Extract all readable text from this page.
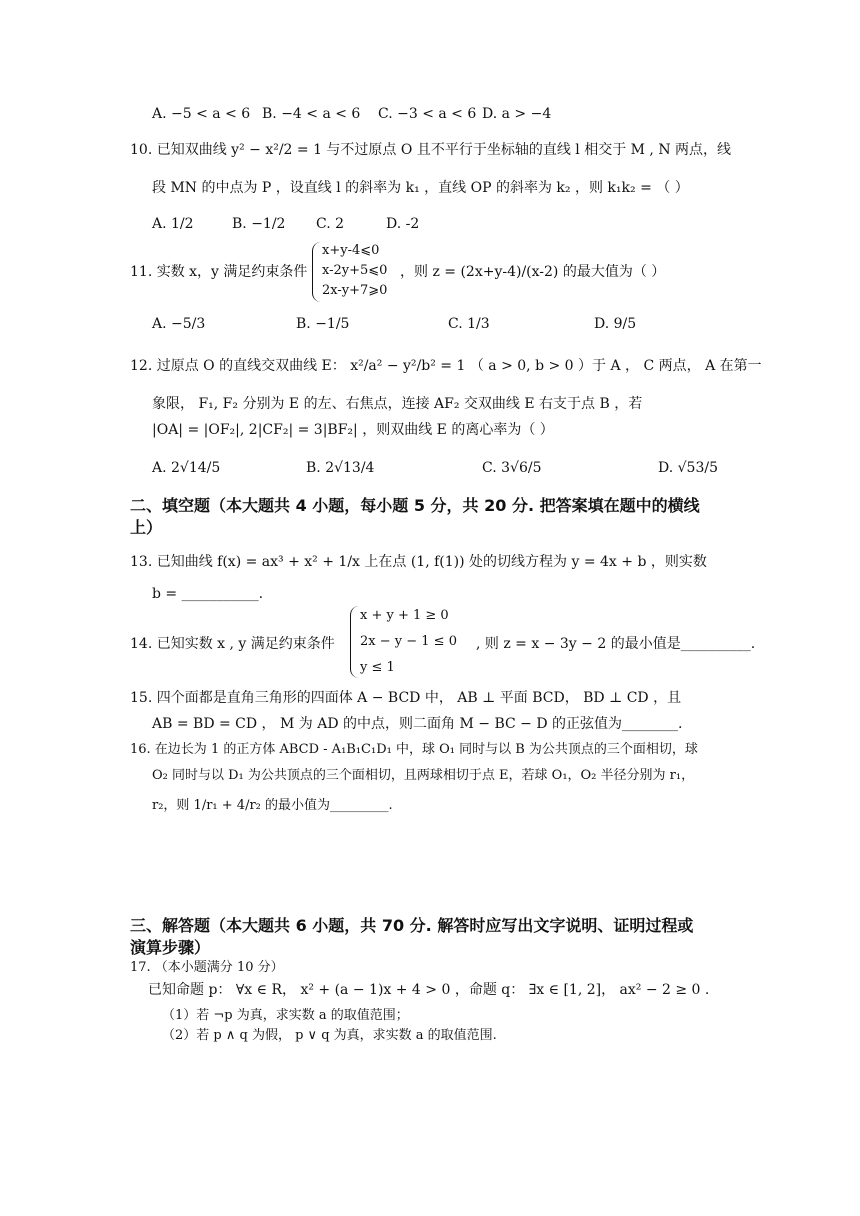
A. −5 < a < 6 B. −4 < a < 6 C. −3 < a < 6 D. a > −4
10. 已知双曲线 y² − x²/2 = 1 与不过原点 O 且不平行于坐标轴的直线 l 相交于 M , N 两点，线
段 MN 的中点为 P ，设直线 l 的斜率为 k₁ ，直线 OP 的斜率为 k₂ ，则 k₁k₂ = （ ）
A. 1/2	B. −1/2 C. 2	D. -2
11. 实数 x，y 满足约束条件
x+y-4⩽0
x-2y+5⩽0
2x-y+7⩾0
，则 z = (2x+y-4)/(x-2) 的最大值为（ ）
A. −5/3	B. −1/5	C. 1/3	D. 9/5
12. 过原点 O 的直线交双曲线 E： x²/a² − y²/b² = 1 （ a > 0, b > 0 ）于 A ， C 两点， A 在第一
象限， F₁, F₂ 分别为 E 的左、右焦点，连接 AF₂ 交双曲线 E 右支于点 B ，若
|OA| = |OF₂|, 2|CF₂| = 3|BF₂| ，则双曲线 E 的离心率为（ ）
A. 2√14/5	B. 2√13/4	C. 3√6/5	D. √53/5
二、填空题（本大题共 4 小题，每小题 5 分，共 20 分. 把答案填在题中的横线
上）
13. 已知曲线 f(x) = ax³ + x² + 1/x 上在点 (1, f(1)) 处的切线方程为 y = 4x + b ，则实数
b = ___________.
14. 已知实数 x , y 满足约束条件
x + y + 1 ≥ 0
2x − y − 1 ≤ 0
y ≤ 1
, 则 z = x − 3y − 2 的最小值是__________.
15. 四个面都是直角三角形的四面体 A − BCD 中， AB ⊥ 平面 BCD， BD ⊥ CD ，且
AB = BD = CD ， M 为 AD 的中点，则二面角 M − BC − D 的正弦值为________.
16. 在边长为 1 的正方体 ABCD - A₁B₁C₁D₁ 中，球 O₁ 同时与以 B 为公共顶点的三个面相切，球
O₂ 同时与以 D₁ 为公共顶点的三个面相切，且两球相切于点 E，若球 O₁，O₂ 半径分别为 r₁，
r₂，则 1/r₁ + 4/r₂ 的最小值为_________.
三、解答题（本大题共 6 小题，共 70 分. 解答时应写出文字说明、证明过程或
演算步骤）
17. （本小题满分 10 分）
已知命题 p： ∀x ∈ R， x² + (a − 1)x + 4 > 0 ，命题 q： ∃x ∈ [1, 2]， ax² − 2 ≥ 0 .
（1）若 ¬p 为真，求实数 a 的取值范围；
（2）若 p ∧ q 为假， p ∨ q 为真，求实数 a 的取值范围.
